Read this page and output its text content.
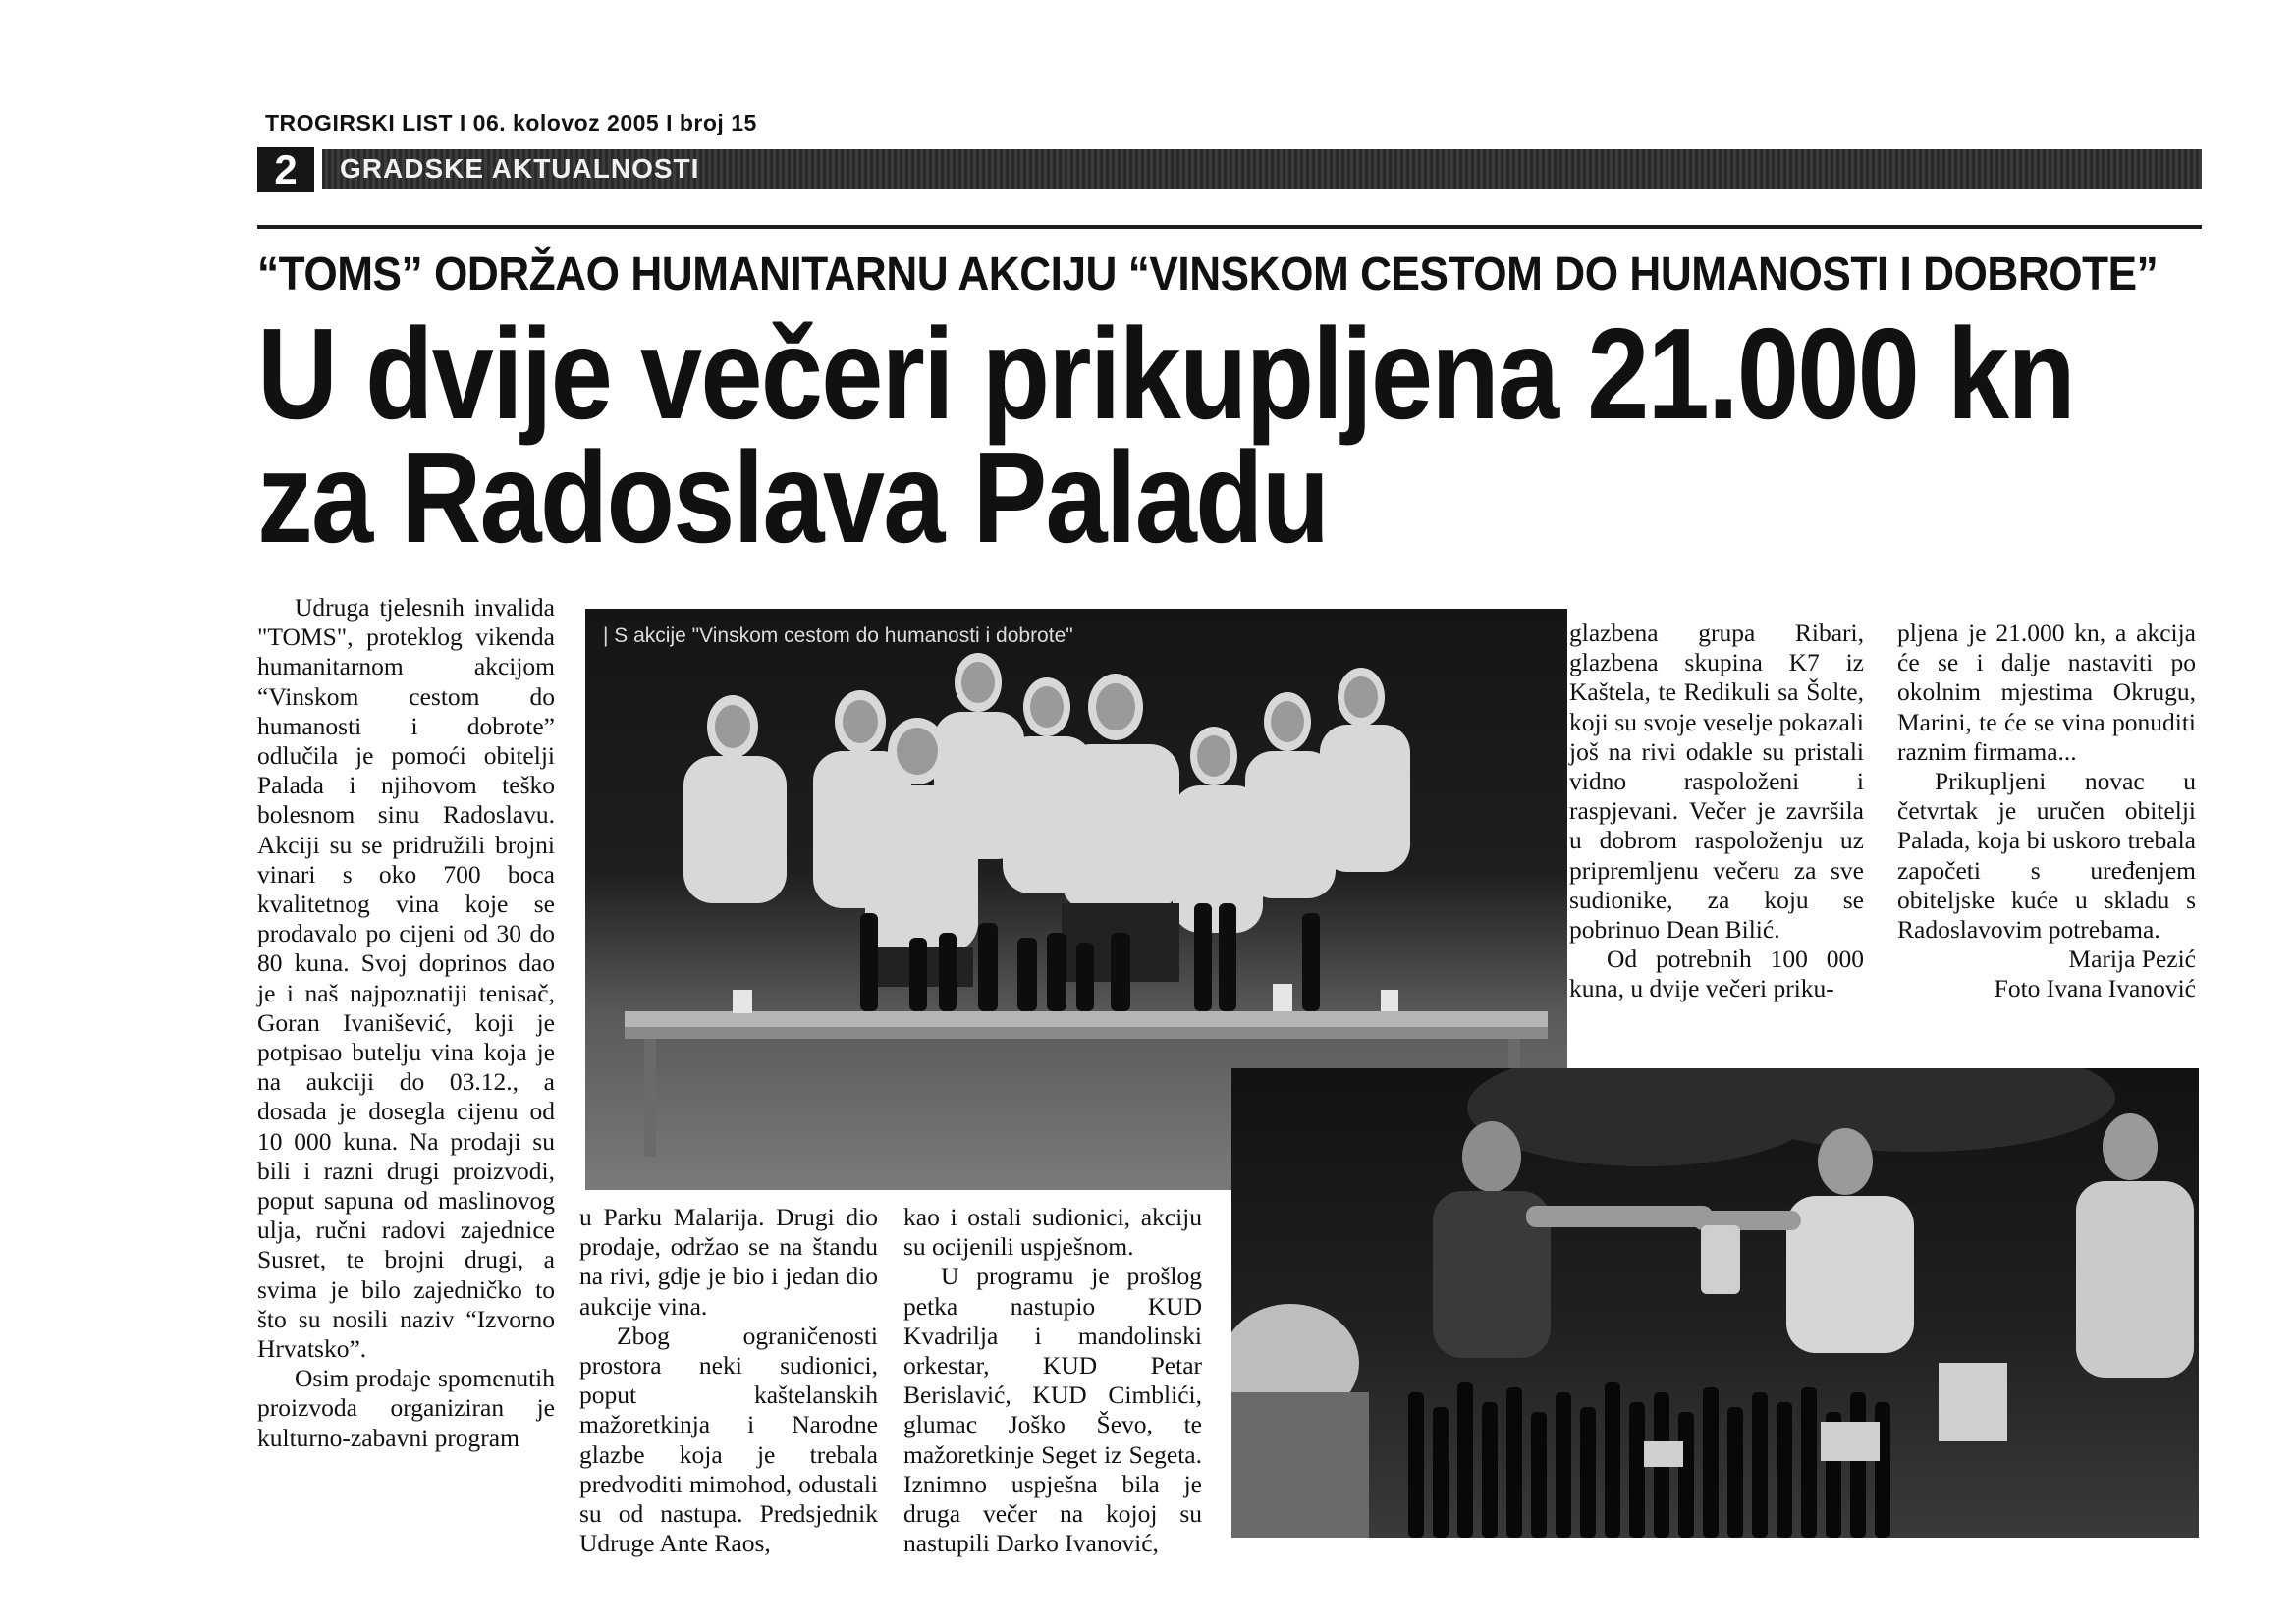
TROGIRSKI LIST I 06. kolovoz 2005 I broj 15
2	GRADSKE AKTUALNOSTI
“TOMS” ODRŽAO HUMANITARNU AKCIJU “VINSKOM CESTOM DO HUMANOSTI I DOBROTE”
U dvije večeri prikupljena 21.000 kn
za Radoslava Paladu

Udruga tjelesnih invalida "TOMS", proteklog vikenda humanitarnom akcijom “Vinskom cestom do humanosti i dobrote” odlučila je pomoći obitelji Palada i njihovom teško bolesnom sinu Radoslavu. Akciji su se pridružili brojni vinari s oko 700 boca kvalitetnog vina koje se prodavalo po cijeni od 30 do 80 kuna. Svoj doprinos dao je i naš najpoznatiji tenisač, Goran Ivanišević, koji je potpisao butelju vina koja je na aukciji do 03.12., a dosada je dosegla cijenu od 10 000 kuna. Na prodaji su bili i razni drugi proizvodi, poput sapuna od maslinovog ulja, ručni radovi zajednice Susret, te brojni drugi, a svima je bilo zajedničko to što su nosili naziv “Izvorno Hrvatsko”.

Osim prodaje spomenutih proizvoda organiziran je kulturno-zabavni program

| S akcije "Vinskom cestom do humanosti i dobrote"	glazbena grupa Ribari, glazbena skupina K7 iz Kaštela, te Redikuli sa Šolte, koji su svoje veselje pokazali još na rivi odakle su pristali vidno raspoloženi i raspjevani. Večer je završila u dobrom raspoloženju uz pripremljenu večeru za sve sudionike, za koju se pobrinuo Dean Bilić.

Od potrebnih 100 000 kuna, u dvije večeri priku-

pljena je 21.000 kn, a akcija će se i dalje nastaviti po okolnim mjestima Okrugu, Marini, te će se vina ponuditi raznim firmama...

Prikupljeni novac u četvrtak je uručen obitelji Palada, koja bi uskoro trebala započeti s uređenjem obiteljske kuće u skladu s Radoslavovim potrebama.

Marija Pezić
Foto Ivana Ivanović

u Parku Malarija. Drugi dio prodaje, održao se na štandu na rivi, gdje je bio i jedan dio aukcije vina.

Zbog ograničenosti prostora neki sudionici, poput kaštelanskih mažoretkinja i Narodne glazbe koja je trebala predvoditi mimohod, odustali su od nastupa. Predsjednik Udruge Ante Raos,

kao i ostali sudionici, akciju su ocijenili uspješnom.

U programu je prošlog petka nastupio KUD Kvadrilja i mandolinski orkestar, KUD Petar Berislavić, KUD Cimblići, glumac Joško Ševo, te mažoretkinje Seget iz Segeta. Iznimno uspješna bila je druga večer na kojoj su nastupili Darko Ivanović,
